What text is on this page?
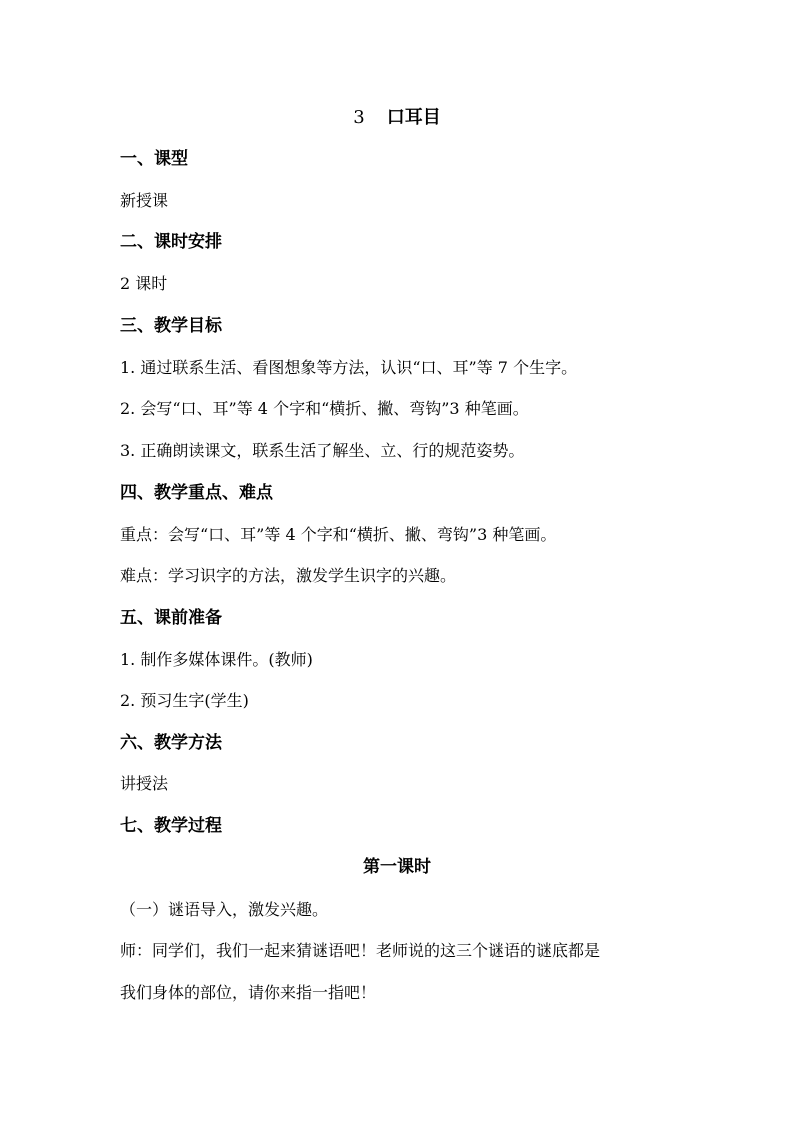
3 口耳目
一、课型
新授课
二、课时安排
2 课时
三、教学目标
1. 通过联系生活、看图想象等方法，认识“口、耳”等 7 个生字。
2. 会写“口、耳”等 4 个字和“横折、撇、弯钩”3 种笔画。
3. 正确朗读课文，联系生活了解坐、立、行的规范姿势。
四、教学重点、难点
重点：会写“口、耳”等 4 个字和“横折、撇、弯钩”3 种笔画。
难点：学习识字的方法，激发学生识字的兴趣。
五、课前准备
1. 制作多媒体课件。(教师)
2. 预习生字(学生)
六、教学方法
讲授法
七、教学过程
第一课时
（一）谜语导入，激发兴趣。
师：同学们，我们一起来猜谜语吧！老师说的这三个谜语的谜底都是
我们身体的部位，请你来指一指吧！
